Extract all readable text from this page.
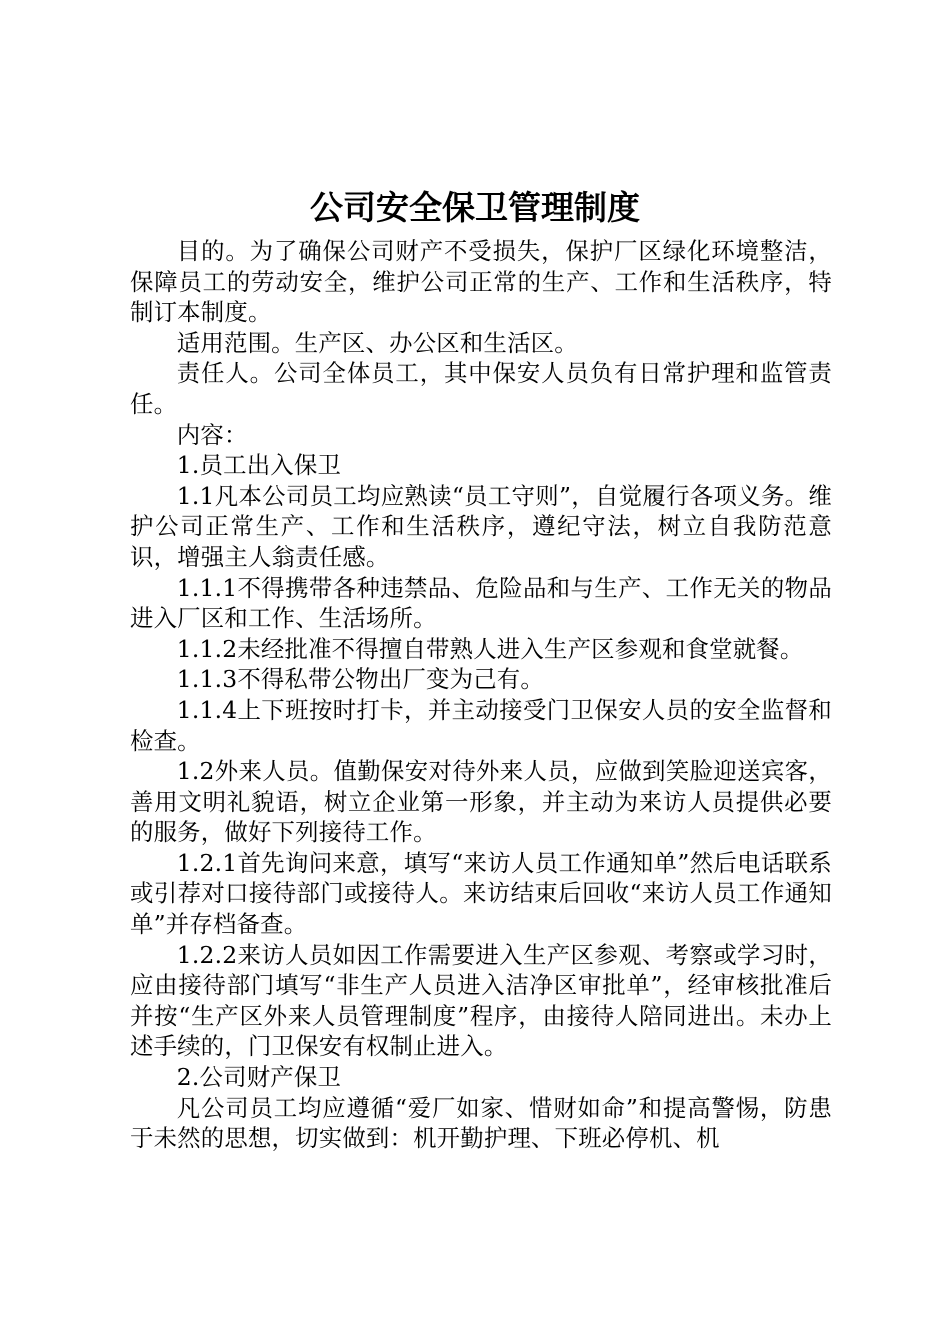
公司安全保卫管理制度

目的。为了确保公司财产不受损失，保护厂区绿化环境整洁，保障员工的劳动安全，维护公司正常的生产、工作和生活秩序，特制订本制度。

适用范围。生产区、办公区和生活区。

责任人。公司全体员工，其中保安人员负有日常护理和监管责任。

内容：

1.员工出入保卫

1.1凡本公司员工均应熟读“员工守则”，自觉履行各项义务。维护公司正常生产、工作和生活秩序，遵纪守法，树立自我防范意识，增强主人翁责任感。

1.1.1不得携带各种违禁品、危险品和与生产、工作无关的物品进入厂区和工作、生活场所。

1.1.2未经批准不得擅自带熟人进入生产区参观和食堂就餐。

1.1.3不得私带公物出厂变为己有。

1.1.4上下班按时打卡，并主动接受门卫保安人员的安全监督和检查。

1.2外来人员。值勤保安对待外来人员，应做到笑脸迎送宾客，善用文明礼貌语，树立企业第一形象，并主动为来访人员提供必要的服务，做好下列接待工作。

1.2.1首先询问来意，填写“来访人员工作通知单”然后电话联系或引荐对口接待部门或接待人。来访结束后回收“来访人员工作通知单”并存档备查。

1.2.2来访人员如因工作需要进入生产区参观、考察或学习时，应由接待部门填写“非生产人员进入洁净区审批单”，经审核批准后并按“生产区外来人员管理制度”程序，由接待人陪同进出。未办上述手续的，门卫保安有权制止进入。

2.公司财产保卫

凡公司员工均应遵循“爱厂如家、惜财如命”和提高警惕，防患于未然的思想，切实做到：机开勤护理、下班必停机、机
